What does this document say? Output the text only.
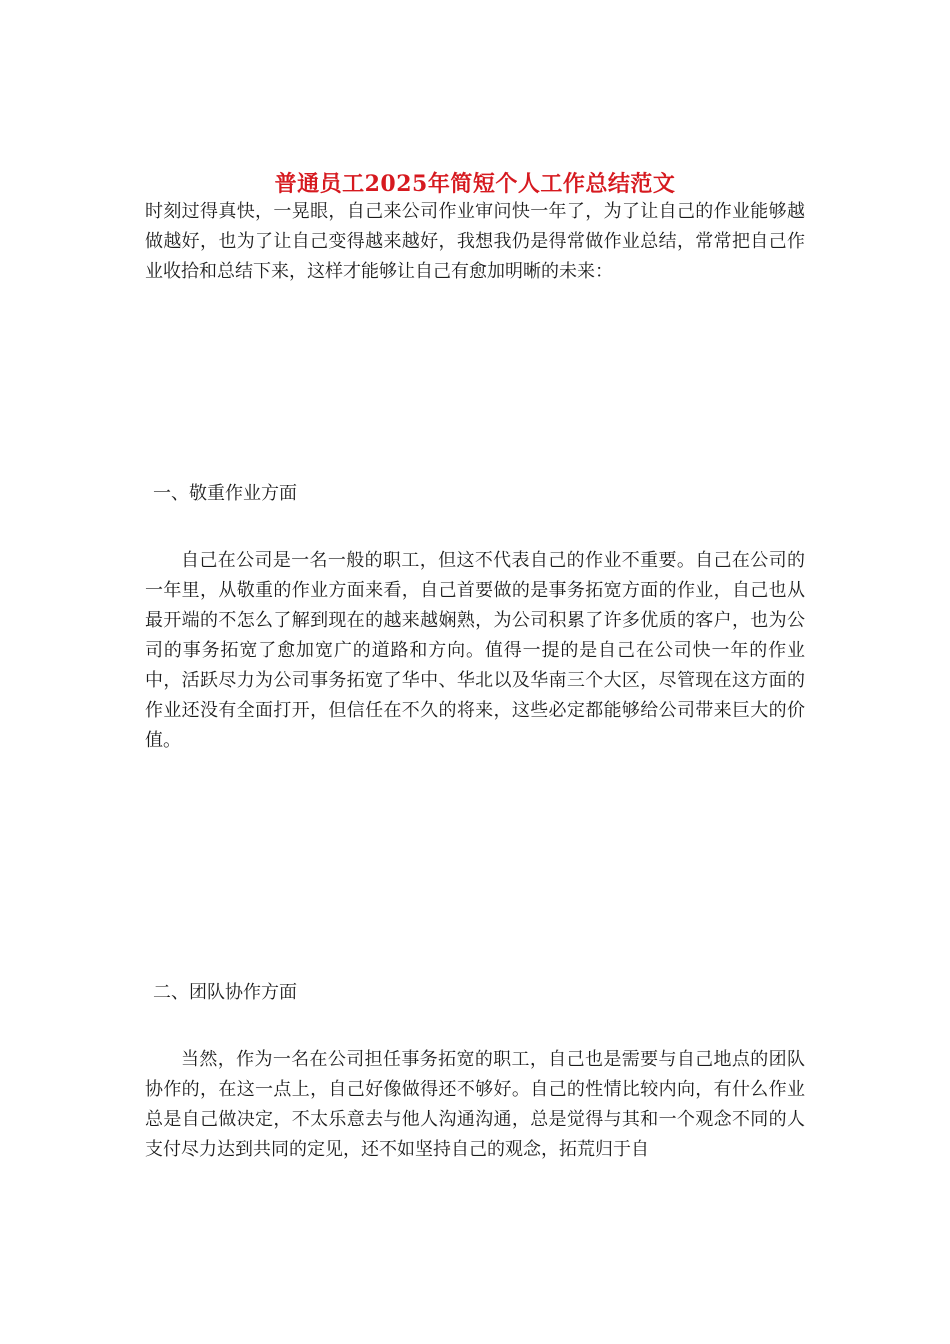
普通员工2025年简短个人工作总结范文

时刻过得真快，一晃眼，自己来公司作业审问快一年了，为了让自己的作业能够越做越好，也为了让自己变得越来越好，我想我仍是得常做作业总结，常常把自己作业收拾和总结下来，这样才能够让自己有愈加明晰的未来：

一、敬重作业方面

自己在公司是一名一般的职工，但这不代表自己的作业不重要。自己在公司的一年里，从敬重的作业方面来看，自己首要做的是事务拓宽方面的作业，自己也从最开端的不怎么了解到现在的越来越娴熟，为公司积累了许多优质的客户，也为公司的事务拓宽了愈加宽广的道路和方向。值得一提的是自己在公司快一年的作业中，活跃尽力为公司事务拓宽了华中、华北以及华南三个大区，尽管现在这方面的作业还没有全面打开，但信任在不久的将来，这些必定都能够给公司带来巨大的价值。

二、团队协作方面

当然，作为一名在公司担任事务拓宽的职工，自己也是需要与自己地点的团队协作的，在这一点上，自己好像做得还不够好。自己的性情比较内向，有什么作业总是自己做决定，不太乐意去与他人沟通沟通，总是觉得与其和一个观念不同的人支付尽力达到共同的定见，还不如坚持自己的观念，拓荒归于自
